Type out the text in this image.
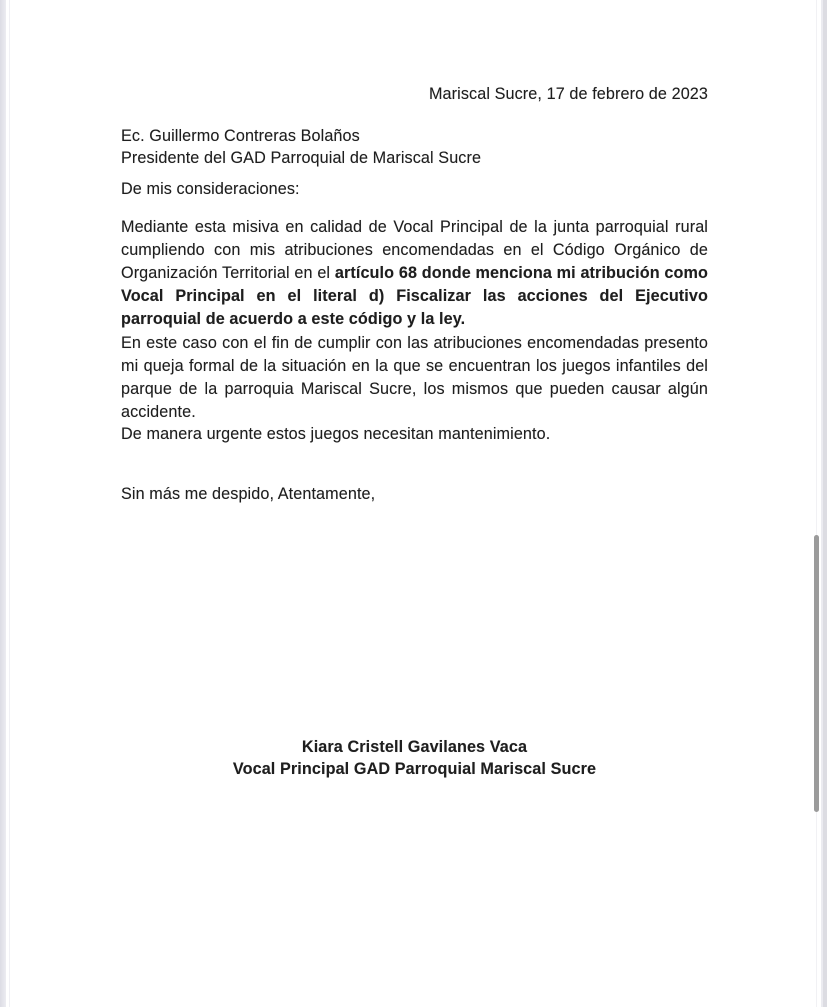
Mariscal Sucre, 17 de febrero de 2023
Ec. Guillermo Contreras Bolaños
Presidente del GAD Parroquial de Mariscal Sucre
De mis consideraciones:
Mediante esta misiva en calidad de Vocal Principal de la junta parroquial rural cumpliendo con mis atribuciones encomendadas en el Código Orgánico de Organización Territorial en el artículo 68 donde menciona mi atribución como Vocal Principal en el literal d) Fiscalizar las acciones del Ejecutivo parroquial de acuerdo a este código y la ley.
En este caso con el fin de cumplir con las atribuciones encomendadas presento mi queja formal de la situación en la que se encuentran los juegos infantiles del parque de la parroquia Mariscal Sucre, los mismos que pueden causar algún accidente.
De manera urgente estos juegos necesitan mantenimiento.
Sin más me despido, Atentamente,
Kiara Cristell Gavilanes Vaca
Vocal Principal GAD Parroquial Mariscal Sucre
